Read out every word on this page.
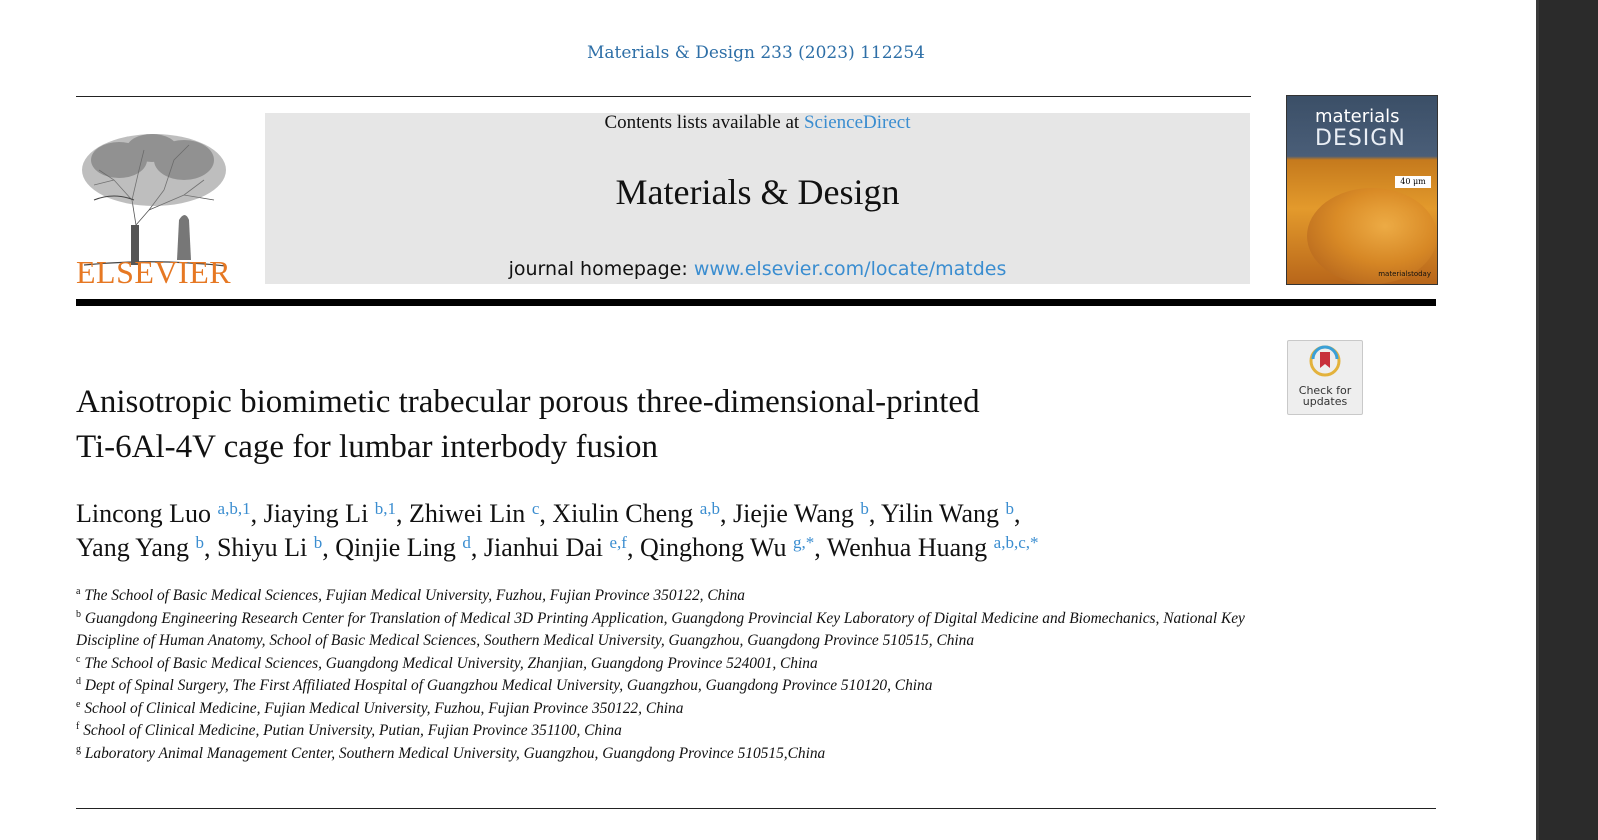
Materials & Design 233 (2023) 112254
ELSEVIER
Contents lists available at ScienceDirect
Materials & Design
journal homepage: www.elsevier.com/locate/matdes
materials
DESIGN
40 μm
materialstoday
Check for
updates
Anisotropic biomimetic trabecular porous three-dimensional-printed
Ti-6Al-4V cage for lumbar interbody fusion
Lincong Luo $^{a,b,1}$, Jiaying Li $^{b,1}$, Zhiwei Lin $^c$, Xiulin Cheng $^{a,b}$, Jiejie Wang $^b$, Yilin Wang $^b$,
Yang Yang $^b$, Shiyu Li $^b$, Qinjie Ling $^d$, Jianhui Dai $^{e,f}$, Qinghong Wu $^{g,*}$, Wenhua Huang $^{a,b,c,*}$
$^a$ The School of Basic Medical Sciences, Fujian Medical University, Fuzhou, Fujian Province 350122, China
$^b$ Guangdong Engineering Research Center for Translation of Medical 3D Printing Application, Guangdong Provincial Key Laboratory of Digital Medicine and Biomechanics, National Key Discipline of Human Anatomy, School of Basic Medical Sciences, Southern Medical University, Guangzhou, Guangdong Province 510515, China
$^c$ The School of Basic Medical Sciences, Guangdong Medical University, Zhanjian, Guangdong Province 524001, China
$^d$ Dept of Spinal Surgery, The First Affiliated Hospital of Guangzhou Medical University, Guangzhou, Guangdong Province 510120, China
$^e$ School of Clinical Medicine, Fujian Medical University, Fuzhou, Fujian Province 350122, China
$^f$ School of Clinical Medicine, Putian University, Putian, Fujian Province 351100, China
$^g$ Laboratory Animal Management Center, Southern Medical University, Guangzhou, Guangdong Province 510515,China
